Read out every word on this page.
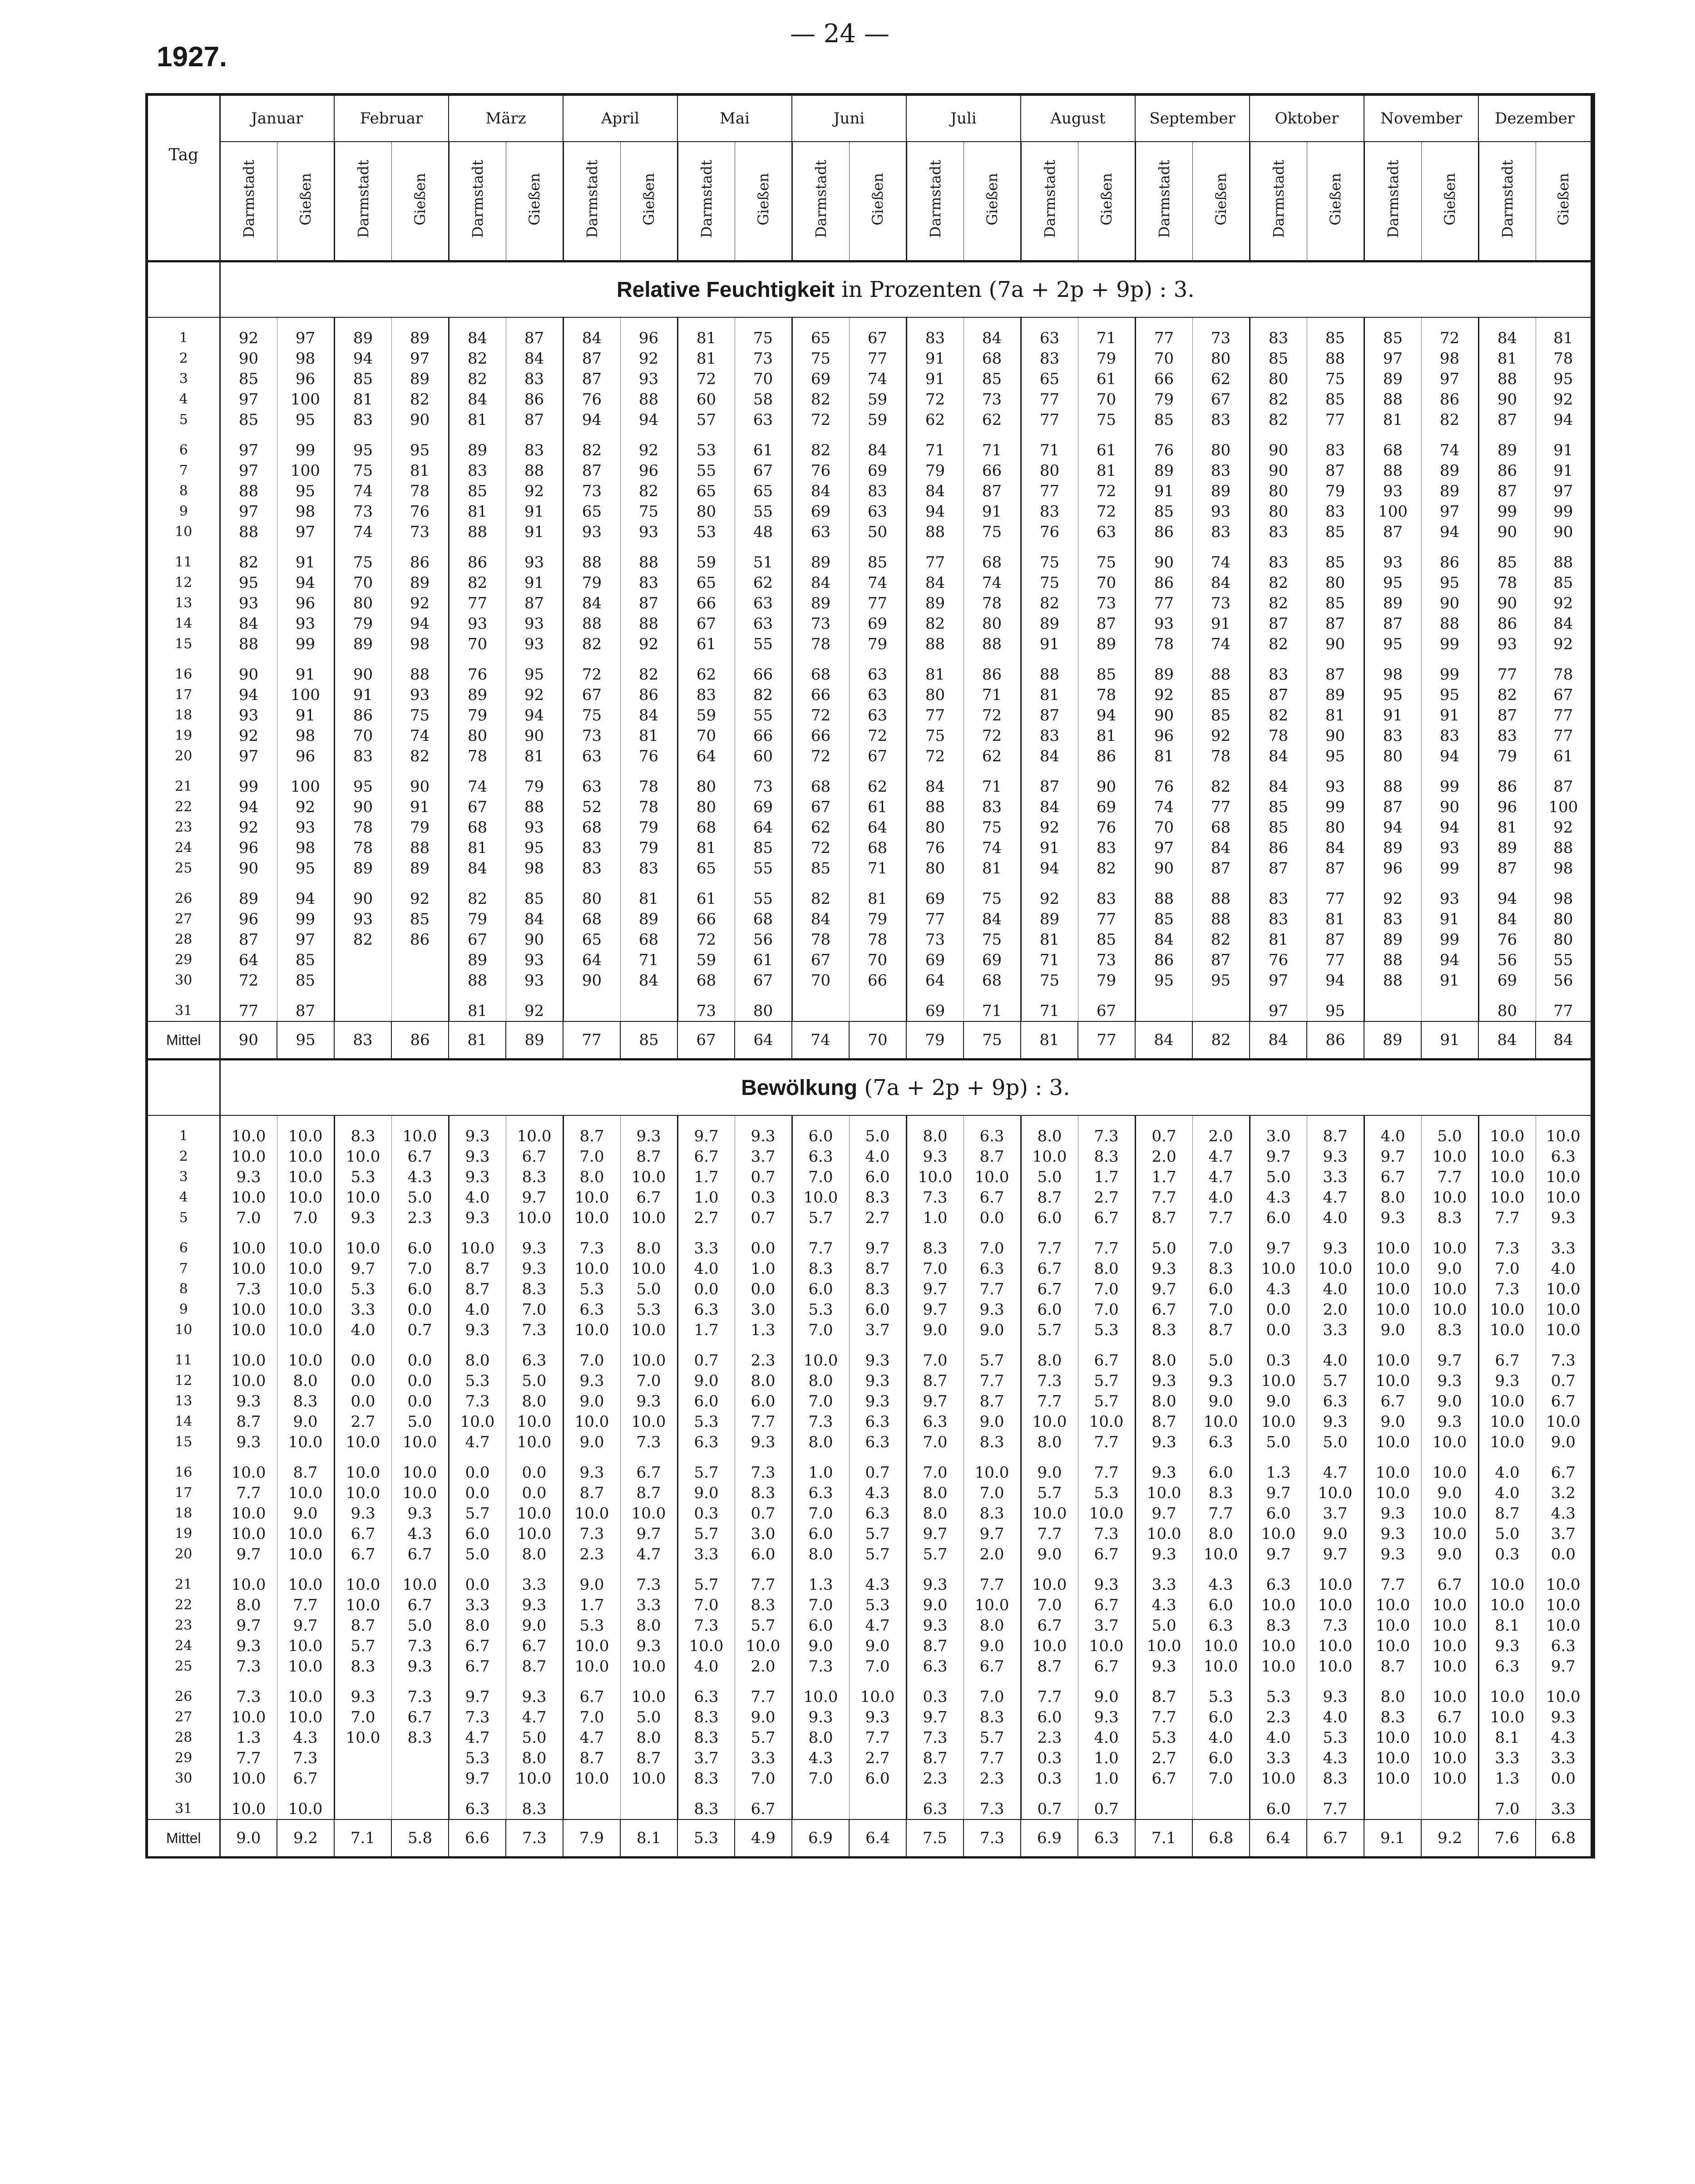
1927.
— 24 —
Tag	Januar		Februar		März		April		Mai		Juni		Juli		August		September		Oktober		November		Dezember	
	Darmstadt	Gießen	Darmstadt	Gießen	Darmstadt	Gießen	Darmstadt	Gießen	Darmstadt	Gießen	Darmstadt	Gießen	Darmstadt	Gießen	Darmstadt	Gießen	Darmstadt	Gießen	Darmstadt	Gießen	Darmstadt	Gießen	Darmstadt	Gießen
	Relative Feuchtigkeit in Prozenten (7a + 2p + 9p) : 3.																							
1	92	97	89	89	84	87	84	96	81	75	65	67	83	84	63	71	77	73	83	85	85	72	84	81
2	90	98	94	97	82	84	87	92	81	73	75	77	91	68	83	79	70	80	85	88	97	98	81	78
3	85	96	85	89	82	83	87	93	72	70	69	74	91	85	65	61	66	62	80	75	89	97	88	95
4	97	100	81	82	84	86	76	88	60	58	82	59	72	73	77	70	79	67	82	85	88	86	90	92
5	85	95	83	90	81	87	94	94	57	63	72	59	62	62	77	75	85	83	82	77	81	82	87	94
6	97	99	95	95	89	83	82	92	53	61	82	84	71	71	71	61	76	80	90	83	68	74	89	91
7	97	100	75	81	83	88	87	96	55	67	76	69	79	66	80	81	89	83	90	87	88	89	86	91
8	88	95	74	78	85	92	73	82	65	65	84	83	84	87	77	72	91	89	80	79	93	89	87	97
9	97	98	73	76	81	91	65	75	80	55	69	63	94	91	83	72	85	93	80	83	100	97	99	99
10	88	97	74	73	88	91	93	93	53	48	63	50	88	75	76	63	86	83	83	85	87	94	90	90
11	82	91	75	86	86	93	88	88	59	51	89	85	77	68	75	75	90	74	83	85	93	86	85	88
12	95	94	70	89	82	91	79	83	65	62	84	74	84	74	75	70	86	84	82	80	95	95	78	85
13	93	96	80	92	77	87	84	87	66	63	89	77	89	78	82	73	77	73	82	85	89	90	90	92
14	84	93	79	94	93	93	88	88	67	63	73	69	82	80	89	87	93	91	87	87	87	88	86	84
15	88	99	89	98	70	93	82	92	61	55	78	79	88	88	91	89	78	74	82	90	95	99	93	92
16	90	91	90	88	76	95	72	82	62	66	68	63	81	86	88	85	89	88	83	87	98	99	77	78
17	94	100	91	93	89	92	67	86	83	82	66	63	80	71	81	78	92	85	87	89	95	95	82	67
18	93	91	86	75	79	94	75	84	59	55	72	63	77	72	87	94	90	85	82	81	91	91	87	77
19	92	98	70	74	80	90	73	81	70	66	66	72	75	72	83	81	96	92	78	90	83	83	83	77
20	97	96	83	82	78	81	63	76	64	60	72	67	72	62	84	86	81	78	84	95	80	94	79	61
21	99	100	95	90	74	79	63	78	80	73	68	62	84	71	87	90	76	82	84	93	88	99	86	87
22	94	92	90	91	67	88	52	78	80	69	67	61	88	83	84	69	74	77	85	99	87	90	96	100
23	92	93	78	79	68	93	68	79	68	64	62	64	80	75	92	76	70	68	85	80	94	94	81	92
24	96	98	78	88	81	95	83	79	81	85	72	68	76	74	91	83	97	84	86	84	89	93	89	88
25	90	95	89	89	84	98	83	83	65	55	85	71	80	81	94	82	90	87	87	87	96	99	87	98
26	89	94	90	92	82	85	80	81	61	55	82	81	69	75	92	83	88	88	83	77	92	93	94	98
27	96	99	93	85	79	84	68	89	66	68	84	79	77	84	89	77	85	88	83	81	83	91	84	80
28	87	97	82	86	67	90	65	68	72	56	78	78	73	75	81	85	84	82	81	87	89	99	76	80
29	64	85			89	93	64	71	59	61	67	70	69	69	71	73	86	87	76	77	88	94	56	55
30	72	85			88	93	90	84	68	67	70	66	64	68	75	79	95	95	97	94	88	91	69	56
31	77	87			81	92			73	80			69	71	71	67			97	95			80	77
Mittel	90	95	83	86	81	89	77	85	67	64	74	70	79	75	81	77	84	82	84	86	89	91	84	84
	Bewölkung (7a + 2p + 9p) : 3.																							
1	10.0	10.0	8.3	10.0	9.3	10.0	8.7	9.3	9.7	9.3	6.0	5.0	8.0	6.3	8.0	7.3	0.7	2.0	3.0	8.7	4.0	5.0	10.0	10.0
2	10.0	10.0	10.0	6.7	9.3	6.7	7.0	8.7	6.7	3.7	6.3	4.0	9.3	8.7	10.0	8.3	2.0	4.7	9.7	9.3	9.7	10.0	10.0	6.3
3	9.3	10.0	5.3	4.3	9.3	8.3	8.0	10.0	1.7	0.7	7.0	6.0	10.0	10.0	5.0	1.7	1.7	4.7	5.0	3.3	6.7	7.7	10.0	10.0
4	10.0	10.0	10.0	5.0	4.0	9.7	10.0	6.7	1.0	0.3	10.0	8.3	7.3	6.7	8.7	2.7	7.7	4.0	4.3	4.7	8.0	10.0	10.0	10.0
5	7.0	7.0	9.3	2.3	9.3	10.0	10.0	10.0	2.7	0.7	5.7	2.7	1.0	0.0	6.0	6.7	8.7	7.7	6.0	4.0	9.3	8.3	7.7	9.3
6	10.0	10.0	10.0	6.0	10.0	9.3	7.3	8.0	3.3	0.0	7.7	9.7	8.3	7.0	7.7	7.7	5.0	7.0	9.7	9.3	10.0	10.0	7.3	3.3
7	10.0	10.0	9.7	7.0	8.7	9.3	10.0	10.0	4.0	1.0	8.3	8.7	7.0	6.3	6.7	8.0	9.3	8.3	10.0	10.0	10.0	9.0	7.0	4.0
8	7.3	10.0	5.3	6.0	8.7	8.3	5.3	5.0	0.0	0.0	6.0	8.3	9.7	7.7	6.7	7.0	9.7	6.0	4.3	4.0	10.0	10.0	7.3	10.0
9	10.0	10.0	3.3	0.0	4.0	7.0	6.3	5.3	6.3	3.0	5.3	6.0	9.7	9.3	6.0	7.0	6.7	7.0	0.0	2.0	10.0	10.0	10.0	10.0
10	10.0	10.0	4.0	0.7	9.3	7.3	10.0	10.0	1.7	1.3	7.0	3.7	9.0	9.0	5.7	5.3	8.3	8.7	0.0	3.3	9.0	8.3	10.0	10.0
11	10.0	10.0	0.0	0.0	8.0	6.3	7.0	10.0	0.7	2.3	10.0	9.3	7.0	5.7	8.0	6.7	8.0	5.0	0.3	4.0	10.0	9.7	6.7	7.3
12	10.0	8.0	0.0	0.0	5.3	5.0	9.3	7.0	9.0	8.0	8.0	9.3	8.7	7.7	7.3	5.7	9.3	9.3	10.0	5.7	10.0	9.3	9.3	0.7
13	9.3	8.3	0.0	0.0	7.3	8.0	9.0	9.3	6.0	6.0	7.0	9.3	9.7	8.7	7.7	5.7	8.0	9.0	9.0	6.3	6.7	9.0	10.0	6.7
14	8.7	9.0	2.7	5.0	10.0	10.0	10.0	10.0	5.3	7.7	7.3	6.3	6.3	9.0	10.0	10.0	8.7	10.0	10.0	9.3	9.0	9.3	10.0	10.0
15	9.3	10.0	10.0	10.0	4.7	10.0	9.0	7.3	6.3	9.3	8.0	6.3	7.0	8.3	8.0	7.7	9.3	6.3	5.0	5.0	10.0	10.0	10.0	9.0
16	10.0	8.7	10.0	10.0	0.0	0.0	9.3	6.7	5.7	7.3	1.0	0.7	7.0	10.0	9.0	7.7	9.3	6.0	1.3	4.7	10.0	10.0	4.0	6.7
17	7.7	10.0	10.0	10.0	0.0	0.0	8.7	8.7	9.0	8.3	6.3	4.3	8.0	7.0	5.7	5.3	10.0	8.3	9.7	10.0	10.0	9.0	4.0	3.2
18	10.0	9.0	9.3	9.3	5.7	10.0	10.0	10.0	0.3	0.7	7.0	6.3	8.0	8.3	10.0	10.0	9.7	7.7	6.0	3.7	9.3	10.0	8.7	4.3
19	10.0	10.0	6.7	4.3	6.0	10.0	7.3	9.7	5.7	3.0	6.0	5.7	9.7	9.7	7.7	7.3	10.0	8.0	10.0	9.0	9.3	10.0	5.0	3.7
20	9.7	10.0	6.7	6.7	5.0	8.0	2.3	4.7	3.3	6.0	8.0	5.7	5.7	2.0	9.0	6.7	9.3	10.0	9.7	9.7	9.3	9.0	0.3	0.0
21	10.0	10.0	10.0	10.0	0.0	3.3	9.0	7.3	5.7	7.7	1.3	4.3	9.3	7.7	10.0	9.3	3.3	4.3	6.3	10.0	7.7	6.7	10.0	10.0
22	8.0	7.7	10.0	6.7	3.3	9.3	1.7	3.3	7.0	8.3	7.0	5.3	9.0	10.0	7.0	6.7	4.3	6.0	10.0	10.0	10.0	10.0	10.0	10.0
23	9.7	9.7	8.7	5.0	8.0	9.0	5.3	8.0	7.3	5.7	6.0	4.7	9.3	8.0	6.7	3.7	5.0	6.3	8.3	7.3	10.0	10.0	8.1	10.0
24	9.3	10.0	5.7	7.3	6.7	6.7	10.0	9.3	10.0	10.0	9.0	9.0	8.7	9.0	10.0	10.0	10.0	10.0	10.0	10.0	10.0	10.0	9.3	6.3
25	7.3	10.0	8.3	9.3	6.7	8.7	10.0	10.0	4.0	2.0	7.3	7.0	6.3	6.7	8.7	6.7	9.3	10.0	10.0	10.0	8.7	10.0	6.3	9.7
26	7.3	10.0	9.3	7.3	9.7	9.3	6.7	10.0	6.3	7.7	10.0	10.0	0.3	7.0	7.7	9.0	8.7	5.3	5.3	9.3	8.0	10.0	10.0	10.0
27	10.0	10.0	7.0	6.7	7.3	4.7	7.0	5.0	8.3	9.0	9.3	9.3	9.7	8.3	6.0	9.3	7.7	6.0	2.3	4.0	8.3	6.7	10.0	9.3
28	1.3	4.3	10.0	8.3	4.7	5.0	4.7	8.0	8.3	5.7	8.0	7.7	7.3	5.7	2.3	4.0	5.3	4.0	4.0	5.3	10.0	10.0	8.1	4.3
29	7.7	7.3			5.3	8.0	8.7	8.7	3.7	3.3	4.3	2.7	8.7	7.7	0.3	1.0	2.7	6.0	3.3	4.3	10.0	10.0	3.3	3.3
30	10.0	6.7			9.7	10.0	10.0	10.0	8.3	7.0	7.0	6.0	2.3	2.3	0.3	1.0	6.7	7.0	10.0	8.3	10.0	10.0	1.3	0.0
31	10.0	10.0			6.3	8.3			8.3	6.7			6.3	7.3	0.7	0.7			6.0	7.7			7.0	3.3
Mittel	9.0	9.2	7.1	5.8	6.6	7.3	7.9	8.1	5.3	4.9	6.9	6.4	7.5	7.3	6.9	6.3	7.1	6.8	6.4	6.7	9.1	9.2	7.6	6.8
